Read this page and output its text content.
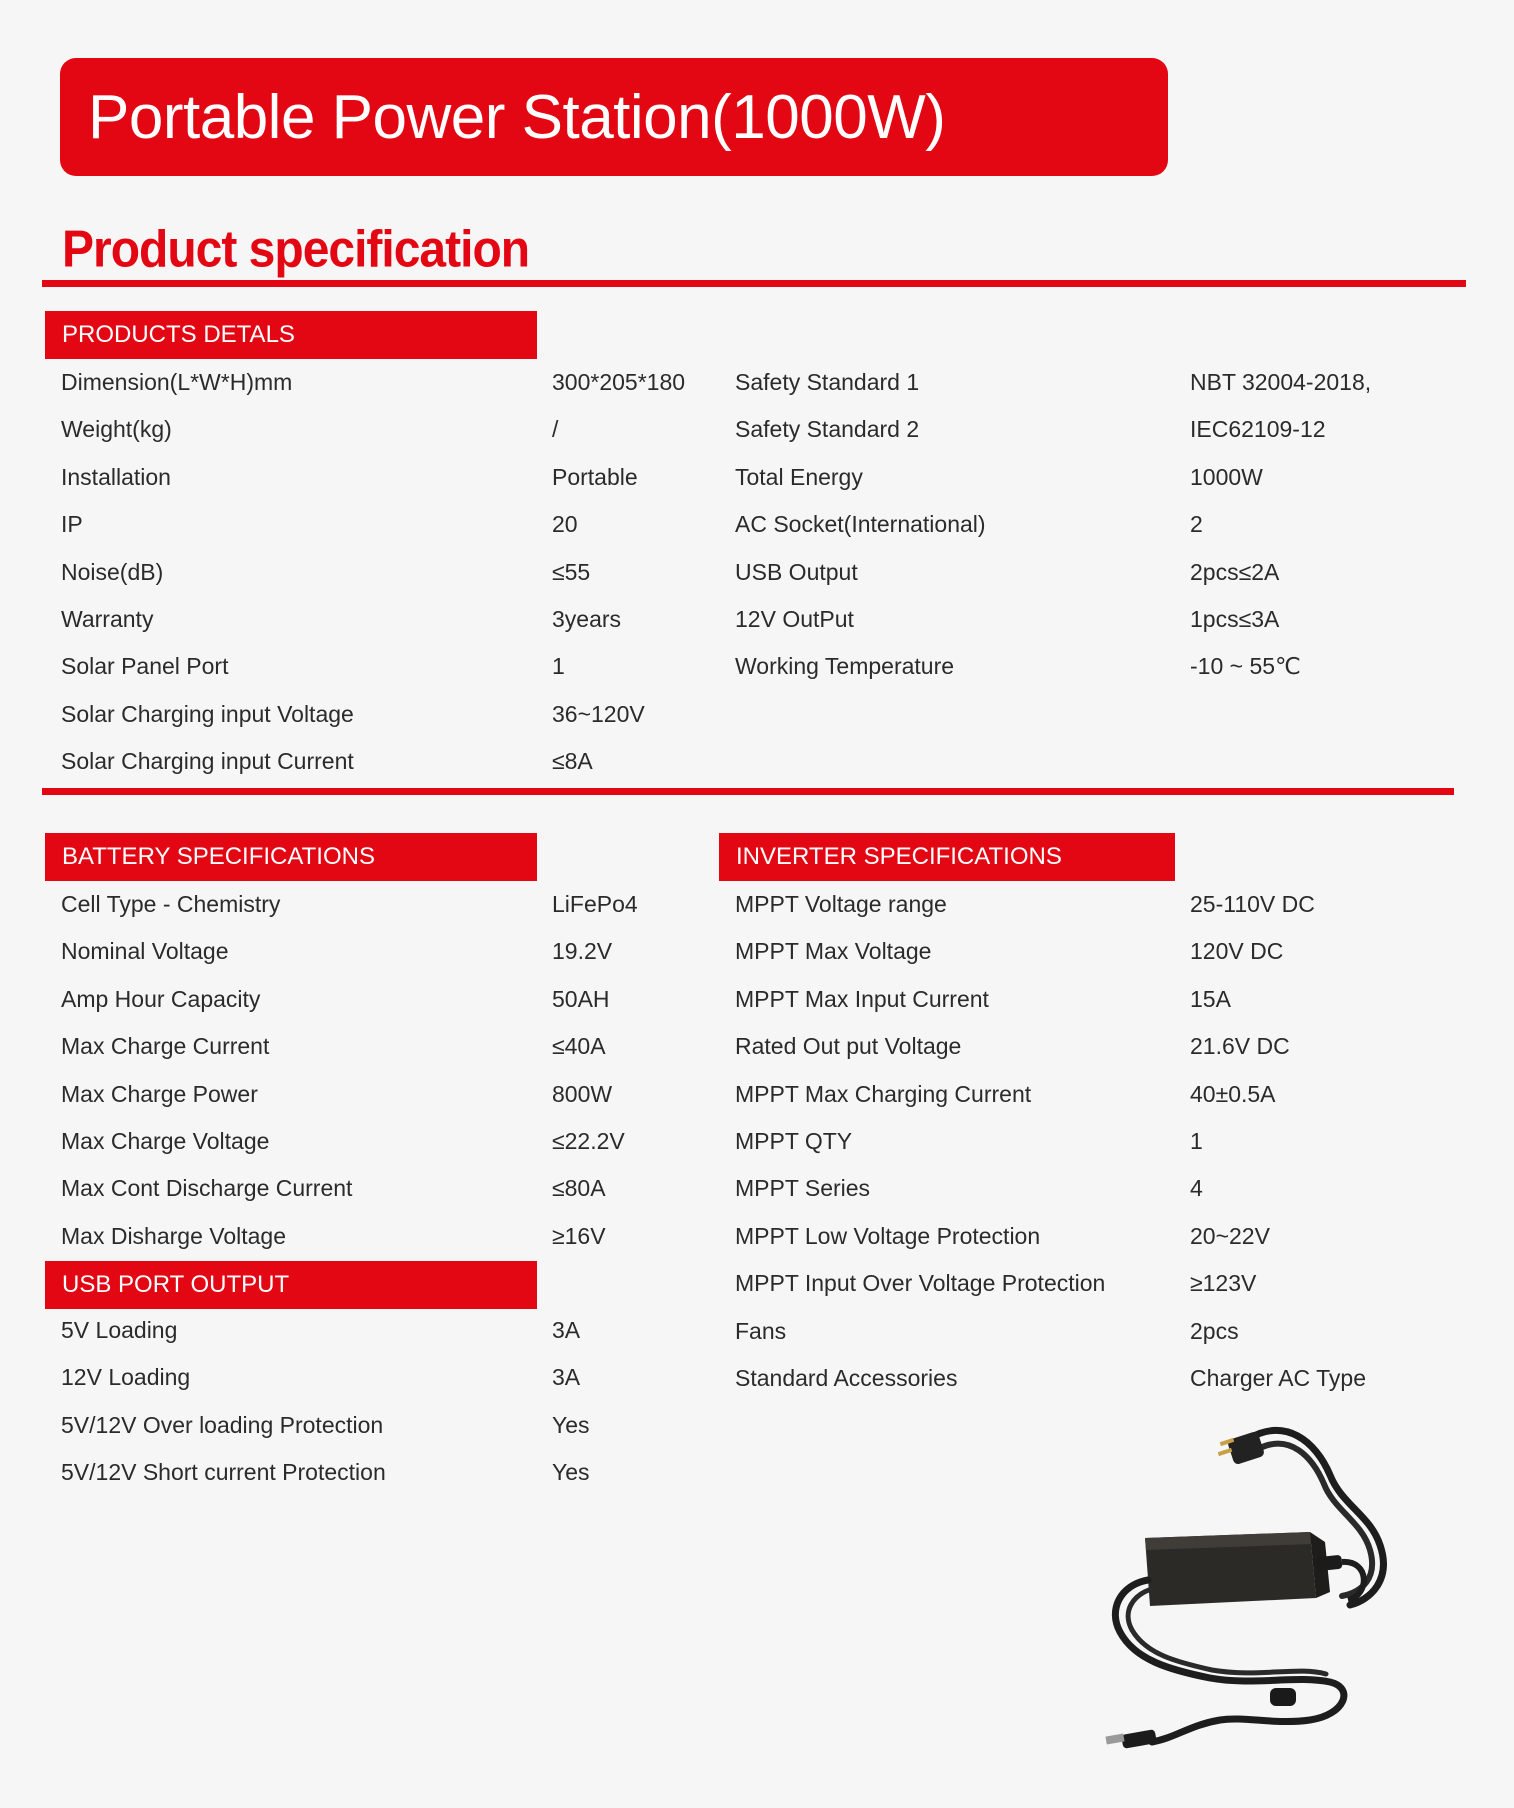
Portable Power Station(1000W)
Product specification
PRODUCTS DETALS
Dimension(L*W*H)mm	300*205*180 Safety Standard 1	NBT 32004-2018,
Weight(kg)	/	Safety Standard 2	IEC62109-12
Installation	Portable	Total Energy	1000W
IP	20	AC Socket(International)	2
Noise(dB)	≤55	USB Output	2pcs≤2A
Warranty	3years	12V OutPut	1pcs≤3A
Solar Panel Port	1	Working Temperature	-10 ~ 55℃
Solar Charging input Voltage	36~120V
Solar Charging input Current	≤8A
BATTERY SPECIFICATIONS
Cell Type - Chemistry	LiFePo4
Nominal Voltage	19.2V
Amp Hour Capacity	50AH
Max Charge Current	≤40A
Max Charge Power	800W
Max Charge Voltage	≤22.2V
Max Cont Discharge Current	≤80A
Max Disharge Voltage	≥16V
USB PORT OUTPUT
5V Loading	3A
12V Loading	3A
5V/12V Over loading Protection	Yes
5V/12V Short current Protection	Yes
INVERTER SPECIFICATIONS
MPPT Voltage range	25-110V DC
MPPT Max Voltage	120V DC
MPPT Max Input Current	15A
Rated Out put Voltage	21.6V DC
MPPT Max Charging Current	40±0.5A
MPPT QTY	1
MPPT Series	4
MPPT Low Voltage Protection	20~22V
MPPT Input Over Voltage Protection	≥123V
Fans	2pcs
Standard Accessories	Charger AC Type
